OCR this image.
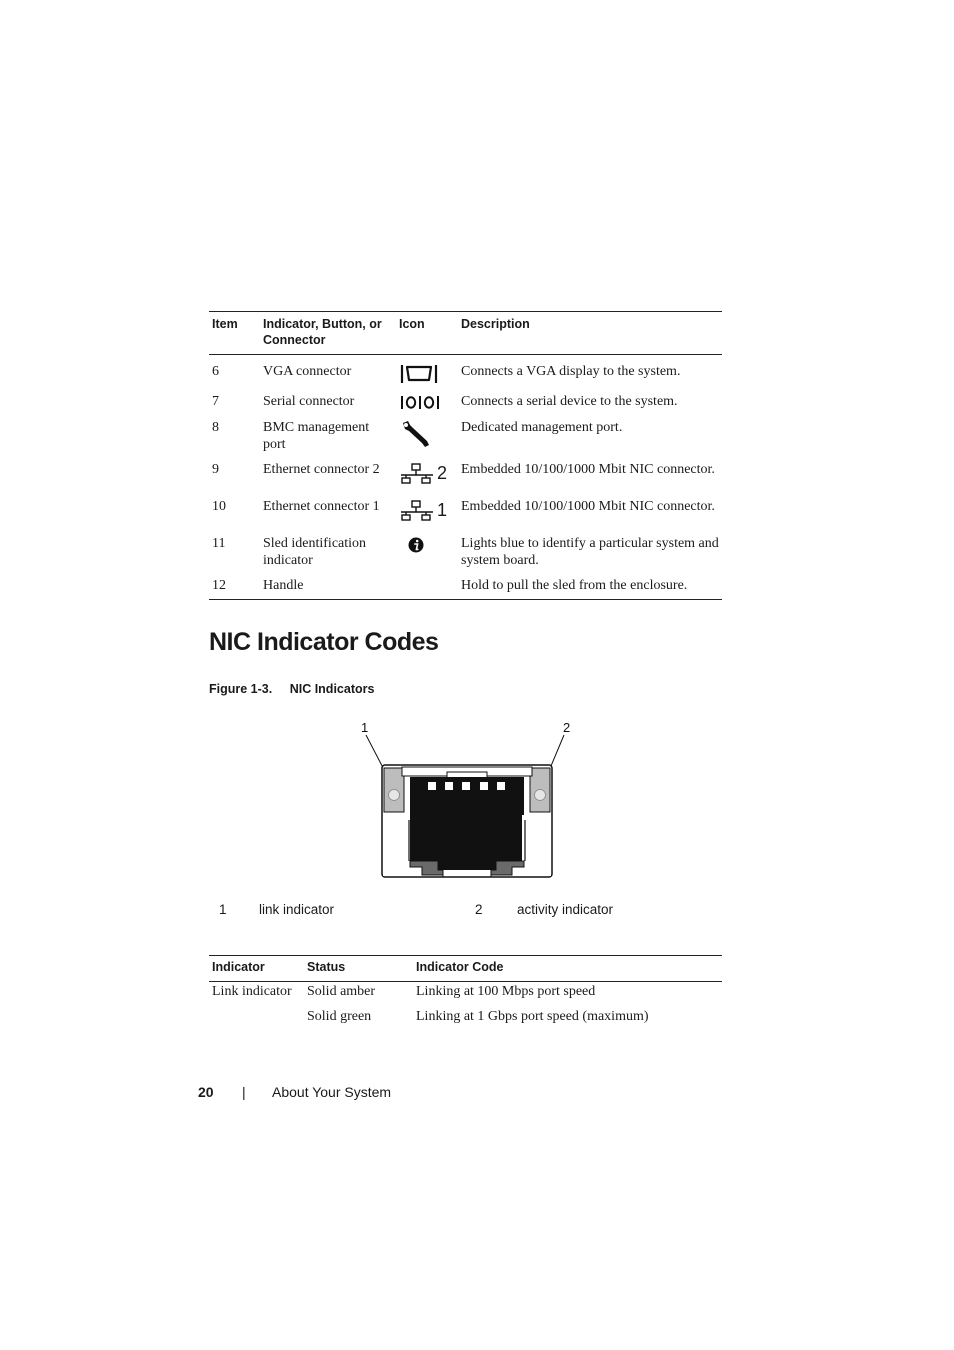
Item	Indicator, Button, or Connector	Icon	Description
6	VGA connector		Connects a VGA display to the system.
7	Serial connector		Connects a serial device to the system.
8	BMC management port		Dedicated management port.
9	Ethernet connector 2	2	Embedded 10/100/1000 Mbit NIC connector.
10	Ethernet connector 1	1	Embedded 10/100/1000 Mbit NIC connector.
11	Sled identification indicator		Lights blue to identify a particular system and system board.
12	Handle		Hold to pull the sled from the enclosure.
NIC Indicator Codes
Figure 1-3. NIC Indicators
1	2
1 link indicator	2	activity indicator
Indicator	Status	Indicator Code
Link indicator	Solid amber	Linking at 100 Mbps port speed
	Solid green	Linking at 1 Gbps port speed (maximum)
20 | About Your System
